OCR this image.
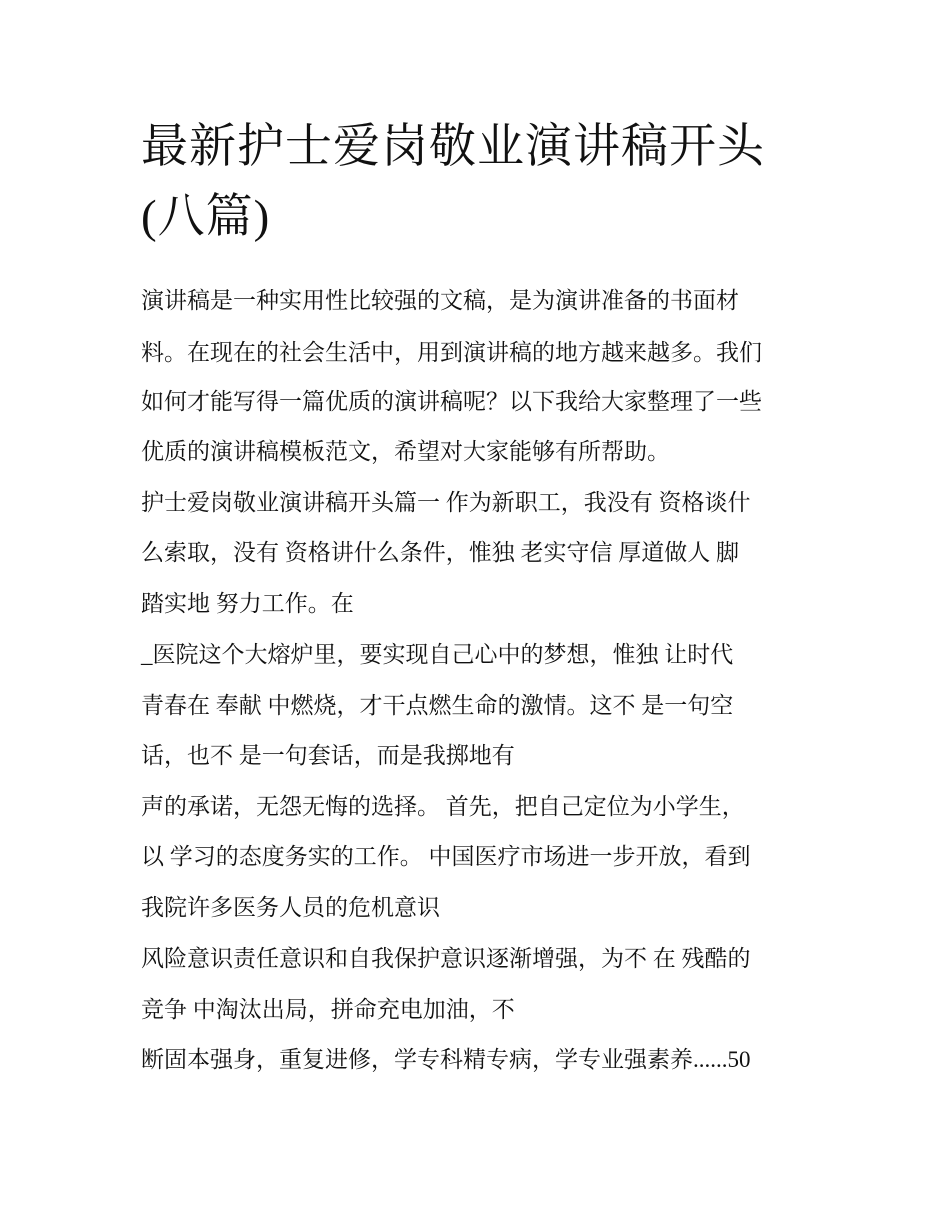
最新护士爱岗敬业演讲稿开头
(八篇)

演讲稿是一种实用性比较强的文稿，是为演讲准备的书面材

料。在现在的社会生活中，用到演讲稿的地方越来越多。我们

如何才能写得一篇优质的演讲稿呢？以下我给大家整理了一些

优质的演讲稿模板范文，希望对大家能够有所帮助。

护士爱岗敬业演讲稿开头篇一 作为新职工，我没有 资格谈什

么索取，没有 资格讲什么条件，惟独 老实守信 厚道做人 脚

踏实地 努力工作。在

_医院这个大熔炉里，要实现自己心中的梦想，惟独 让时代

青春在 奉献 中燃烧，才干点燃生命的激情。这不 是一句空

话，也不 是一句套话，而是我掷地有

声的承诺，无怨无悔的选择。 首先，把自己定位为小学生，

以 学习的态度务实的工作。 中国医疗市场进一步开放，看到

我院许多医务人员的危机意识

风险意识责任意识和自我保护意识逐渐增强，为不 在 残酷的

竞争 中淘汰出局，拼命充电加油，不

断固本强身，重复进修，学专科精专病，学专业强素养......50
